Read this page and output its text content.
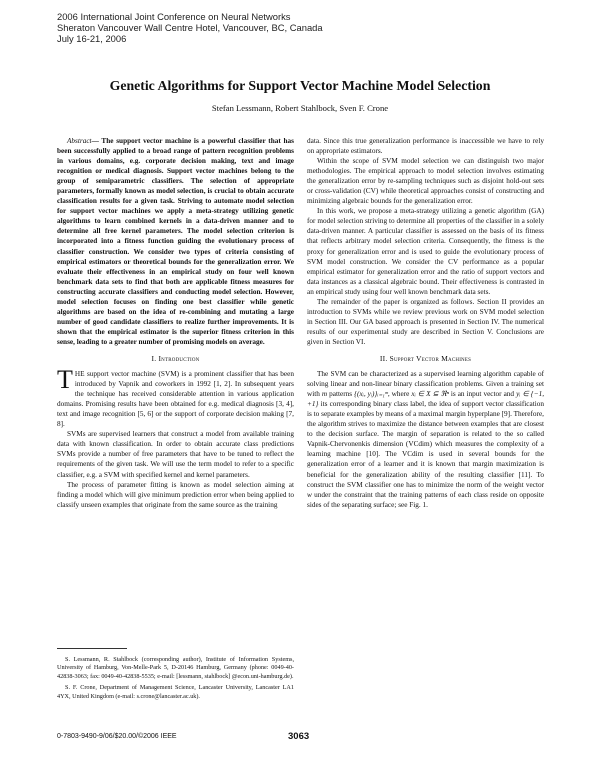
2006 International Joint Conference on Neural Networks
Sheraton Vancouver Wall Centre Hotel, Vancouver, BC, Canada
July 16-21, 2006
Genetic Algorithms for Support Vector Machine Model Selection
Stefan Lessmann, Robert Stahlbock, Sven F. Crone

Abstract— The support vector machine is a powerful classifier that has been successfully applied to a broad range of pattern recognition problems in various domains, e.g. corporate decision making, text and image recognition or medical diagnosis. Support vector machines belong to the group of semiparametric classifiers. The selection of appropriate parameters, formally known as model selection, is crucial to obtain accurate classification results for a given task. Striving to automate model selection for support vector machines we apply a meta-strategy utilizing genetic algorithms to learn combined kernels in a data-driven manner and to determine all free kernel parameters. The model selection criterion is incorporated into a fitness function guiding the evolutionary process of classifier construction. We consider two types of criteria consisting of empirical estimators or theoretical bounds for the generalization error. We evaluate their effectiveness in an empirical study on four well known benchmark data sets to find that both are applicable fitness measures for constructing accurate classifiers and conducting model selection. However, model selection focuses on finding one best classifier while genetic algorithms are based on the idea of re-combining and mutating a large number of good candidate classifiers to realize further improvements. It is shown that the empirical estimator is the superior fitness criterion in this sense, leading to a greater number of promising models on average.

I. Introduction

THE support vector machine (SVM) is a prominent classifier that has been introduced by Vapnik and coworkers in 1992 [1, 2]. In subsequent years the technique has received considerable attention in various application domains. Promising results have been obtained for e.g. medical diagnosis [3, 4], text and image recognition [5, 6] or the support of corporate decision making [7, 8].

SVMs are supervised learners that construct a model from available training data with known classification. In order to obtain accurate class predictions SVMs provide a number of free parameters that have to be tuned to reflect the requirements of the given task. We will use the term model to refer to a specific classifier, e.g. a SVM with specified kernel and kernel parameters.

The process of parameter fitting is known as model selection aiming at finding a model which will give minimum prediction error when being applied to classify unseen examples that originate from the same source as the training

data. Since this true generalization performance is inaccessible we have to rely on appropriate estimators.

Within the scope of SVM model selection we can distinguish two major methodologies. The empirical approach to model selection involves estimating the generalization error by re-sampling techniques such as disjoint hold-out sets or cross-validation (CV) while theoretical approaches consist of constructing and minimizing algebraic bounds for the generalization error.

In this work, we propose a meta-strategy utilizing a genetic algorithm (GA) for model selection striving to determine all properties of the classifier in a solely data-driven manner. A particular classifier is assessed on the basis of its fitness that reflects arbitrary model selection criteria. Consequently, the fitness is the proxy for generalization error and is used to guide the evolutionary process of SVM model construction. We consider the CV performance as a popular empirical estimator for generalization error and the ratio of support vectors and data instances as a classical algebraic bound. Their effectiveness is contrasted in an empirical study using four well known benchmark data sets.

The remainder of the paper is organized as follows. Section II provides an introduction to SVMs while we review previous work on SVM model selection in Section III. Our GA based approach is presented in Section IV. The numerical results of our experimental study are described in Section V. Conclusions are given in Section VI.

II. Support Vector Machines

The SVM can be characterized as a supervised learning algorithm capable of solving linear and non-linear binary classification problems. Given a training set with m patterns {(xᵢ, yᵢ)}ᵢ₌₁ᵐ, where xᵢ ∈ X ⊆ ℜⁿ is an input vector and yᵢ ∈ {−1, +1} its corresponding binary class label, the idea of support vector classification is to separate examples by means of a maximal margin hyperplane [9]. Therefore, the algorithm strives to maximize the distance between examples that are closest to the decision surface. The margin of separation is related to the so called Vapnik-Chervonenkis dimension (VCdim) which measures the complexity of a learning machine [10]. The VCdim is used in several bounds for the generalization error of a learner and it is known that margin maximization is beneficial for the generalization ability of the resulting classifier [11]. To construct the SVM classifier one has to minimize the norm of the weight vector w under the constraint that the training patterns of each class reside on opposite sides of the separating surface; see Fig. 1.

S. Lessmann, R. Stahlbock (corresponding author), Institute of Information Systems, University of Hamburg, Von-Melle-Park 5, D-20146 Hamburg, Germany (phone: 0049-40-42838-3063; fax: 0049-40-42838-5535; e-mail: [lessmann, stahlbock] @econ.uni-hamburg.de).

S. F. Crone, Department of Management Science, Lancaster University, Lancaster LA1 4YX, United Kingdom (e-mail: s.crone@lancaster.ac.uk).

0-7803-9490-9/06/$20.00/©2006 IEEE	3063
